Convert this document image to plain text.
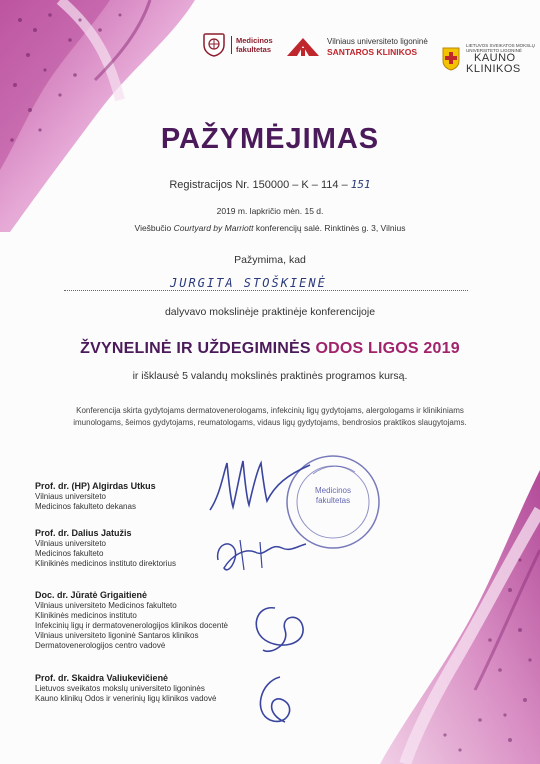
Medicinos fakultetas
Vilniaus universiteto ligoninė
SANTAROS KLINIKOS
LIETUVOS SVEIKATOS MOKSLŲ UNIVERSITETO LIGONINĖ
KAUNO
KLINIKOS
PAŽYMĖJIMAS
Registracijos Nr. 150000 – K – 114 – 151
2019 m. lapkričio mėn. 15 d.
Viešbučio Courtyard by Marriott konferencijų salė. Rinktinės g. 3, Vilnius
Pažymima, kad
JURGITA STOŠKIENĖ
dalyvavo mokslinėje praktinėje konferencijoje
ŽVYNELINĖ IR UŽDEGIMINĖS ODOS LIGOS 2019
ir išklausė 5 valandų mokslinės praktinės programos kursą.
Konferencija skirta gydytojams dermatovenerologams, infekcinių ligų gydytojams, alergologams ir klinikiniams
imunologams, šeimos gydytojams, reumatologams, vidaus ligų gydytojams, bendrosios praktikos slaugytojams.
Medicinos fakultetas
Prof. dr. (HP) Algirdas Utkus
Vilniaus universiteto
Medicinos fakulteto dekanas
Prof. dr. Dalius Jatužis
Vilniaus universiteto
Medicinos fakulteto
Klinikinės medicinos instituto direktorius
Doc. dr. Jūratė Grigaitienė
Vilniaus universiteto Medicinos fakulteto
Klinikinės medicinos instituto
Infekcinių ligų ir dermatovenerologijos klinikos docentė
Vilniaus universiteto ligoninė Santaros klinikos
Dermatovenerologijos centro vadovė
Prof. dr. Skaidra Valiukevičienė
Lietuvos sveikatos mokslų universiteto ligoninės
Kauno klinikų Odos ir venerinių ligų klinikos vadovė
